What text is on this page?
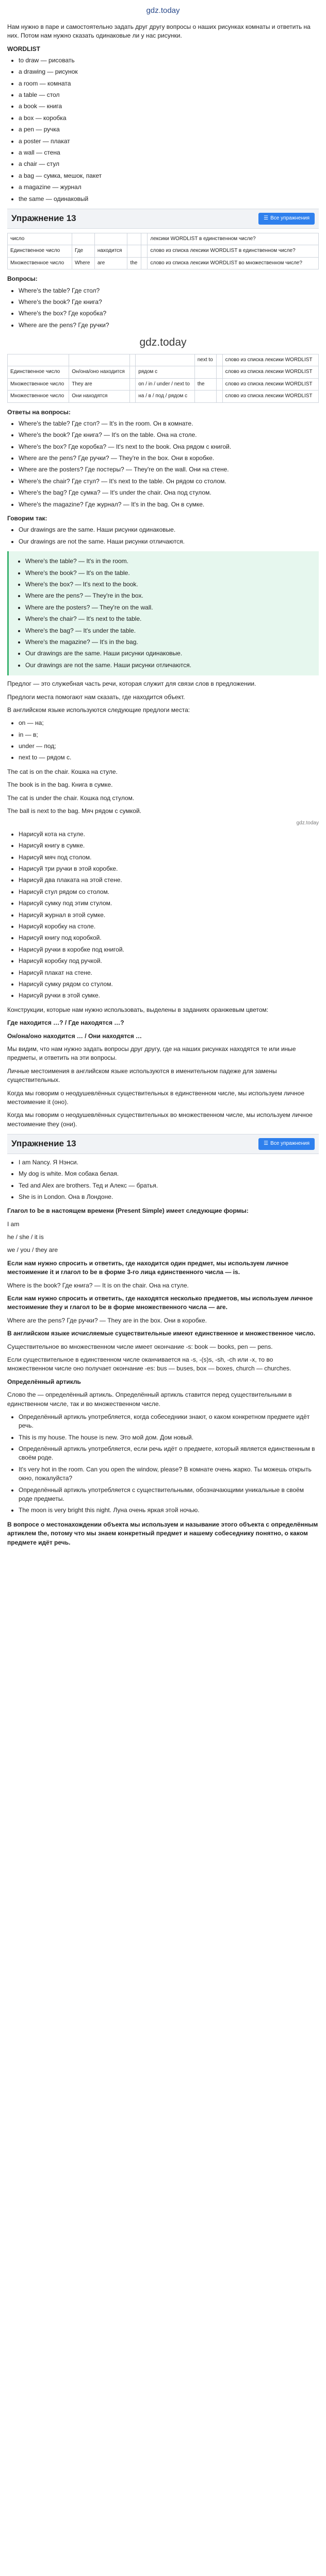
gdz.today

Нам нужно в паре и самостоятельно задать друг другу вопросы о наших рисунках комнаты и ответить на них. Потом нам нужно сказать одинаковые ли у нас рисунки.

WORDLIST
• to draw — рисовать
• a drawing — рисунок
• a room — комната
• a table — стол
• a book — книга
• a box — коробка
• a pen — ручка
• a poster — плакат
• a wall — стена
• a chair — стул
• a bag — сумка, мешок, пакет
• a magazine — журнал
• the same — одинаковый
Упражнение 13	☰ Все упражнения
число					лексики WORDLIST в единственном числе?
Единственное число	Где	находится			слово из списка лексики WORDLIST в единственном числе?
Множественное число	Where	are	the		слово из списка лексики WORDLIST во множественном числе?
Вопросы:
• Where's the table? Где стол?
• Where's the book? Где книга?
• Where's the box? Где коробка?
• Where are the pens? Где ручки?
gdz.today
				next to		слово из списка лексики WORDLIST
Единственное число	Он/она/оно находится		рядом с			слово из списка лексики WORDLIST
Множественное число	They are		on / in / under / next to	the		слово из списка лексики WORDLIST
Множественное число	Они находятся		на / в / под / рядом с			слово из списка лексики WORDLIST
Ответы на вопросы:
• Where's the table? Где стол? — It's in the room. Он в комнате.
• Where's the book? Где книга? — It's on the table. Она на столе.
• Where's the box? Где коробка? — It's next to the book. Она рядом с книгой.
• Where are the pens? Где ручки? — They're in the box. Они в коробке.
• Where are the posters? Где постеры? — They're on the wall. Они на стене.
• Where's the chair? Где стул? — It's next to the table. Он рядом со столом.
• Where's the bag? Где сумка? — It's under the chair. Она под стулом.
• Where's the magazine? Где журнал? — It's in the bag. Он в сумке.
Говорим так:
• Our drawings are the same. Наши рисунки одинаковые.
• Our drawings are not the same. Наши рисунки отличаются.
• Where's the table? — It's in the room.
• Where's the book? — It's on the table.
• Where's the box? — It's next to the book.
• Where are the pens? — They're in the box.
• Where are the posters? — They're on the wall.
• Where's the chair? — It's next to the table.
• Where's the bag? — It's under the table.
• Where's the magazine? — It's in the bag.
• Our drawings are the same. Наши рисунки одинаковые.
• Our drawings are not the same. Наши рисунки отличаются.

Предлог — это служебная часть речи, которая служит для связи слов в предложении.

Предлоги места помогают нам сказать, где находится объект.

В английском языке используются следующие предлоги места:

• on — на;
• in — в;
• under — под;
• next to — рядом с.

The cat is on the chair. Кошка на стуле.

The book is in the bag. Книга в сумке.

The cat is under the chair. Кошка под стулом.

The ball is next to the bag. Мяч рядом с сумкой.

gdz.today
• Нарисуй кота на стуле.
• Нарисуй книгу в сумке.
• Нарисуй мяч под столом.
• Нарисуй три ручки в этой коробке.
• Нарисуй два плаката на этой стене.
• Нарисуй стул рядом со столом.
• Нарисуй сумку под этим стулом.
• Нарисуй журнал в этой сумке.
• Нарисуй коробку на столе.
• Нарисуй книгу под коробкой.
• Нарисуй ручки в коробке под книгой.
• Нарисуй коробку под ручкой.
• Нарисуй плакат на стене.
• Нарисуй сумку рядом со стулом.
• Нарисуй ручки в этой сумке.

Конструкции, которые нам нужно использовать, выделены в заданиях оранжевым цветом:

Где находится …? / Где находятся …?

Он/она/оно находится … / Они находятся …

Мы видим, что нам нужно задать вопросы друг другу, где на наших рисунках находятся те или иные предметы, и ответить на эти вопросы.

Личные местоимения в английском языке используются в именительном падеже для замены существительных.

Когда мы говорим о неодушевлённых существительных в единственном числе, мы используем личное местоимение it (оно).

Когда мы говорим о неодушевлённых существительных во множественном числе, мы используем личное местоимение they (они).

Упражнение 13	☰ Все упражнения
• I am Nancy. Я Нэнси.
• My dog is white. Моя собака белая.
• Ted and Alex are brothers. Тед и Алекс — братья.
• She is in London. Она в Лондоне.

Глагол to be в настоящем времени (Present Simple) имеет следующие формы:

I am

he / she / it is

we / you / they are

Если нам нужно спросить и ответить, где находится один предмет, мы используем личное местоимение it и глагол to be в форме 3-го лица единственного числа — is.

Where is the book? Где книга? — It is on the chair. Она на стуле.

Если нам нужно спросить и ответить, где находятся несколько предметов, мы используем личное местоимение they и глагол to be в форме множественного числа — are.

Where are the pens? Где ручки? — They are in the box. Они в коробке.

В английском языке исчисляемые существительные имеют единственное и множественное число.

Существительное во множественном числе имеет окончание -s: book — books, pen — pens.

Если существительное в единственном числе оканчивается на -s, -(s)s, -sh, -ch или -x, то во множественном числе оно получает окончание -es: bus — buses, box — boxes, church — churches.

Определённый артикль

Слово the — определённый артикль. Определённый артикль ставится перед существительными в единственном числе, так и во множественном числе.

• Определённый артикль употребляется, когда собеседники знают, о каком конкретном предмете идёт речь.
• This is my house. The house is new. Это мой дом. Дом новый.
• Определённый артикль употребляется, если речь идёт о предмете, который является единственным в своём роде.
• It's very hot in the room. Can you open the window, please? В комнате очень жарко. Ты можешь открыть окно, пожалуйста?
• Определённый артикль употребляется с существительными, обозначающими уникальные в своём роде предметы.
• The moon is very bright this night. Луна очень яркая этой ночью.

В вопросе о местонахождении объекта мы используем и называние этого объекта с определённым артиклем the, потому что мы знаем конкретный предмет и нашему собеседнику понятно, о каком предмете идёт речь.
